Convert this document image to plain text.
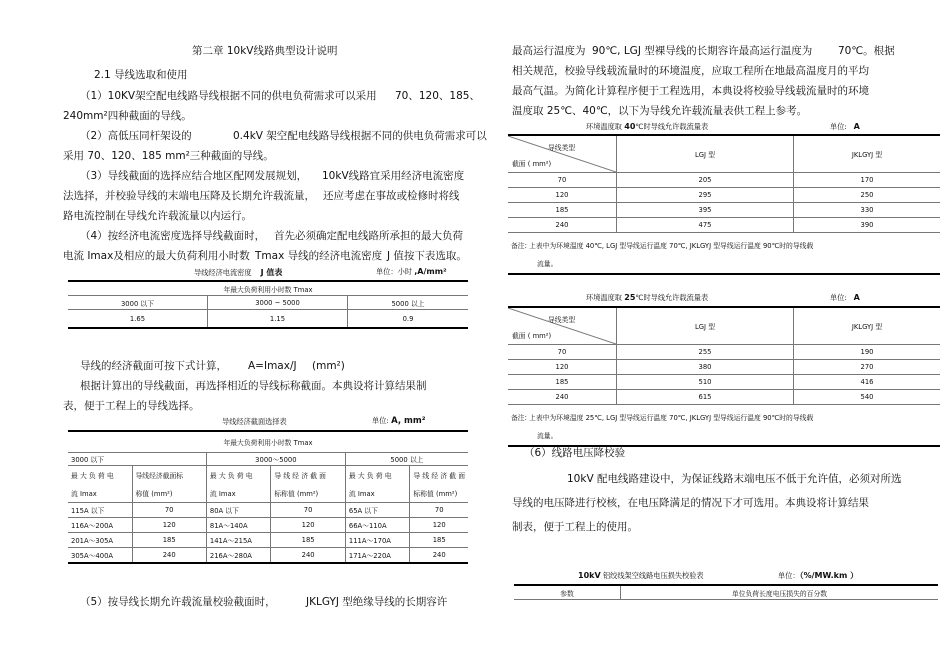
第二章 10kV线路典型设计说明
2.1 导线选取和使用
（1）10KV架空配电线路导线根据不同的供电负荷需求可以采用 70、120、185、
240mm²四种截面的导线。
（2）高低压同杆架设的	0.4kV 架空配电线路导线根据不同的供电负荷需求可以
采用 70、120、185 mm²三种截面的导线。
（3）导线截面的选择应结合地区配网发展规划， 10kV线路宜采用经济电流密度
法选择，并校验导线的末端电压降及长期允许载流量， 还应考虑在事故或检修时将线
路电流控制在导线允许载流量以内运行。
（4）按经济电流密度选择导线截面时， 首先必须确定配电线路所承担的最大负荷
电流 Imax及相应的最大负荷利用小时数 Tmax 导线的经济电流密度 J 值按下表选取。
导线经济电流密度 J 值表	单位：小时 ,A/mm²
年最大负荷利用小时数 Tmax		
3000 以下	3000 ~ 5000	5000 以上
1.65	1.15	0.9
导线的经济截面可按下式计算， A=Imax/J (mm²)
根据计算出的导线截面，再选择相近的导线标称截面。本典设将计算结果制
表，便于工程上的导线选择。
导线经济截面选择表	单位: A, mm²
年最大负荷利用小时数 Tmax					
3000 以下		3000～5000		5000 以上	
最 大 负 荷 电	导线经济截面标	最 大 负 荷 电	导 线 经 济 截 面	最 大 负 荷 电	导 线 经 济 截 面
流 Imax	称值 (mm²)	流 Imax	标称值 (mm²)	流 Imax	标称值 (mm²)
115A 以下	70	80A 以下	70	65A 以下	70
116A～200A	120	81A～140A	120	66A～110A	120
201A～305A	185	141A～215A	185	111A～170A	185
305A～400A	240	216A～280A	240	171A～220A	240
（5）按导线长期允许载流量校验截面时，	JKLGYJ 型绝缘导线的长期容许
最高运行温度为 90℃, LGJ 型裸导线的长期容许最高运行温度为 70℃。根据
相关规范，校验导线载流量时的环境温度，应取工程所在地最高温度月的平均
最高气温。为简化计算程序便于工程选用，本典设将校验导线载流量时的环境
温度取 25℃、40℃，以下为导线允许载流量表供工程上参考。
环境温度取 40℃时导线允许载流量表	单位: A
导线类型
截面 ( mm²)
	LGJ 型	JKLGYJ 型
70	205	170
120	295	250
185	395	330
240	475	390
备注: 上表中为环境温度 40℃, LGJ 型导线运行温度 70℃, JKLGYJ 型导线运行温度 90℃时的导线载
流量。		
环境温度取 25℃时导线允许载流量表	单位: A
导线类型
截面 ( mm²)
	LGJ 型	JKLGYJ 型
70	255	190
120	380	270
185	510	416
240	615	540
备注: 上表中为环境温度 25℃, LGJ 型导线运行温度 70℃, JKLGYJ 型导线运行温度 90℃时的导线载
流量。		
（6）线路电压降校验
10kV 配电线路建设中，为保证线路末端电压不低于允许值，必须对所选
导线的电压降进行校核，在电压降满足的情况下才可选用。本典设将计算结果
制表，便于工程上的使用。
10kV 铝绞线架空线路电压损失校验表	单位：（%/MW.km ）
参数	单位负荷长度电压损失的百分数
